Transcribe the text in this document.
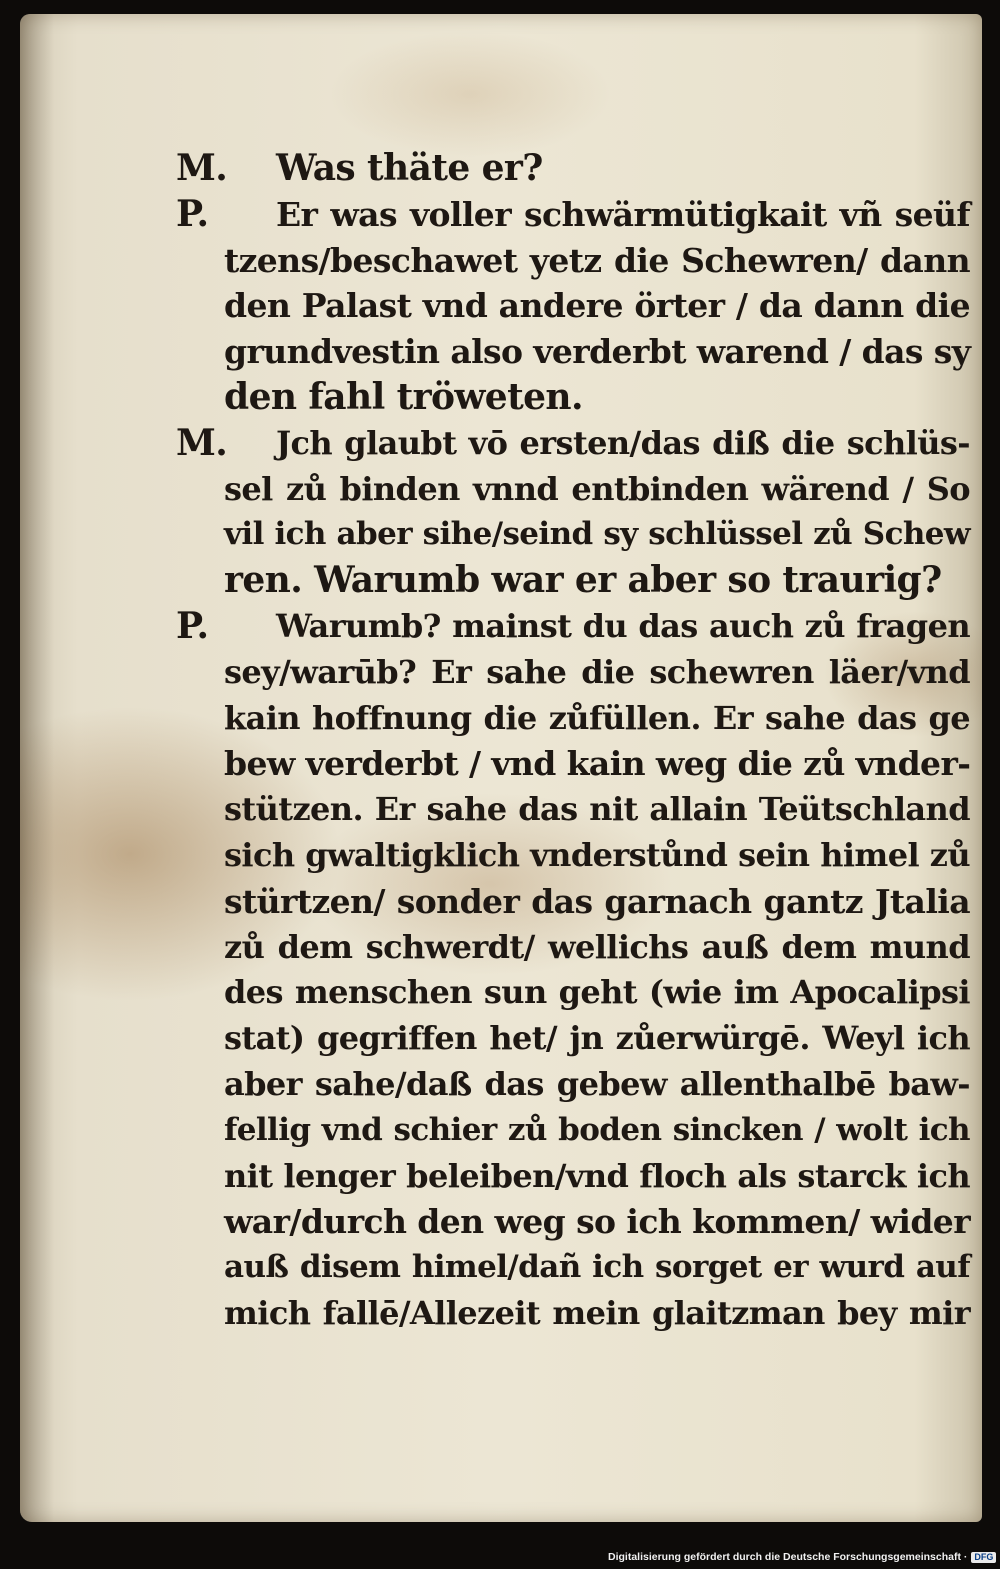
M.	Was thäte er?
P.	Er was voller schwärmütigkait vñ seüf
tzens/beschawet yetz die Schewren/ dann
den Palast vnd andere örter / da dann die
grundvestin also verderbt warend / das sy
den fahl tröweten.
M.	Jch glaubt vō ersten/das diß die schlüs-
sel zů binden vnnd entbinden wärend / So
vil ich aber sihe/seind sy schlüssel zů Schew
ren. Warumb war er aber so traurig?
P.	Warumb? mainst du das auch zů fragen
sey/warūb? Er sahe die schewren läer/vnd
kain hoffnung die zůfüllen. Er sahe das ge
bew verderbt / vnd kain weg die zů vnder-
stützen. Er sahe das nit allain Teütschland
sich gwaltigklich vnderstůnd sein himel zů
stürtzen/ sonder das garnach gantz Jtalia
zů dem schwerdt/ wellichs auß dem mund
des menschen sun geht (wie im Apocalipsi
stat) gegriffen het/ jn zůerwürgē. Weyl ich
aber sahe/daß das gebew allenthalbē baw-
fellig vnd schier zů boden sincken / wolt ich
nit lenger beleiben/vnd floch als starck ich
war/durch den weg so ich kommen/ wider
auß disem himel/dañ ich sorget er wurd auf
mich fallē/Allezeit mein glaitzman bey mir
Digitalisierung gefördert durch die Deutsche Forschungsgemeinschaft · DFG
